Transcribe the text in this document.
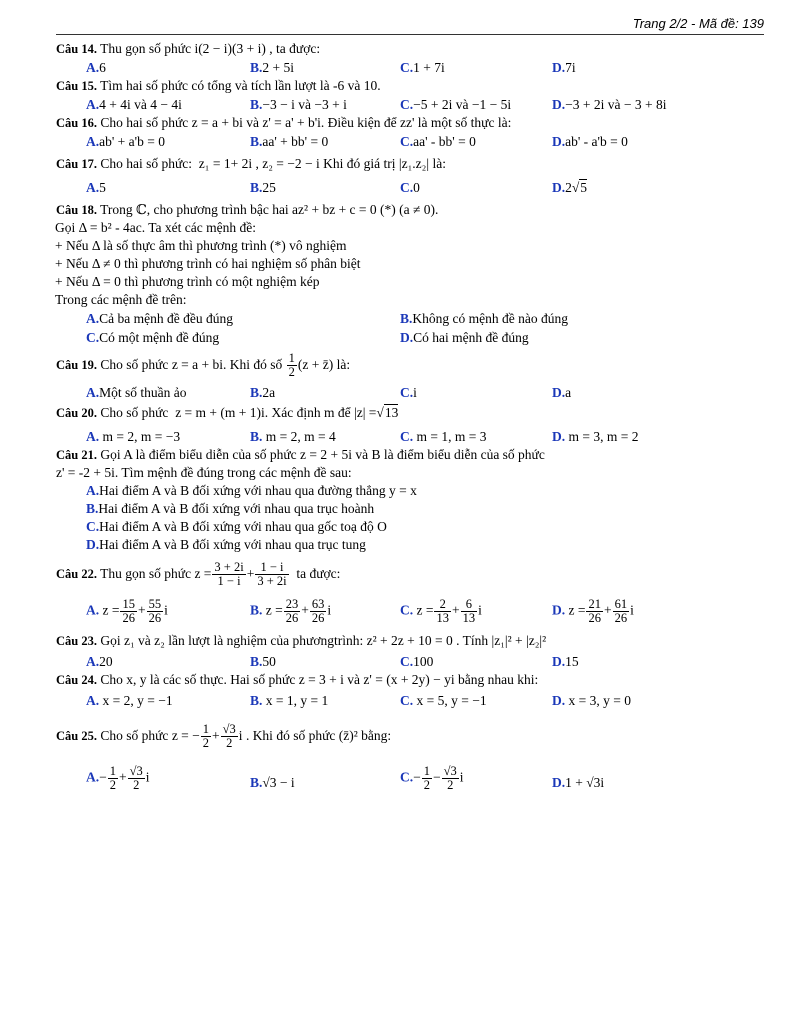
Trang 2/2 - Mã đề: 139
Câu 14. Thu gọn số phức i(2 − i)(3 + i) , ta được:
A.6	B.2 + 5i	C.1 + 7i	D.7i
Câu 15. Tìm hai số phức có tổng và tích lần lượt là -6 và 10.
A.4 + 4i và 4 − 4i	B.−3 − i và −3 + i	C.−5 + 2i và −1 − 5i	D.−3 + 2i và − 3 + 8i
Câu 16. Cho hai số phức z = a + bi và z' = a' + b'i. Điều kiện để zz' là một số thực là:
A.ab' + a'b = 0	B.aa' + bb' = 0	C.aa' - bb' = 0	D.ab' - a'b = 0
Câu 17. Cho hai số phức: z₁ = 1+ 2i , z₂ = −2 − i Khi đó giá trị |z₁.z₂| là:
A.5	B.25	C.0	D.2√5
Câu 18. Trong ℂ, cho phương trình bậc hai az² + bz + c = 0 (*) (a ≠ 0).
Gọi Δ = b² - 4ac. Ta xét các mệnh đề:
+ Nếu Δ là số thực âm thì phương trình (*) vô nghiệm
+ Nếu Δ ≠ 0 thì phương trình có hai nghiệm số phân biệt
+ Nếu Δ = 0 thì phương trình có một nghiệm kép
Trong các mệnh đề trên:
A.Cả ba mệnh đề đều đúng	B.Không có mệnh đề nào đúng
C.Có một mệnh đề đúng	D.Có hai mệnh đề đúng
Câu 19. Cho số phức z = a + bi. Khi đó số $\frac{1}{2} (z$ + z̄) là:
A.Một số thuần ảo	B.2a	C.i	D.a
Câu 20. Cho số phức z = m + (m + 1)i. Xác định m để |z| =√13
A. m = 2, m = −3	B. m = 2, m = 4	C. m = 1, m = 3	D. m = 3, m = 2
Câu 21. Gọi A là điểm biểu diễn của số phức z = 2 + 5i và B là điểm biểu diễn của số phức
z' = -2 + 5i. Tìm mệnh đề đúng trong các mệnh đề sau:
A.Hai điểm A và B đối xứng với nhau qua đường thẳng y = x
B.Hai điểm A và B đối xứng với nhau qua trục hoành
C.Hai điểm A và B đối xứng với nhau qua gốc toạ độ O
D.Hai điểm A và B đối xứng với nhau qua trục tung
Câu 22. Thu gọn số phức $z = \frac{3 + 2i}{1 - i} + \frac{1 - i}{3 + 2i}$ ta được:
A. $z = \frac{15}{26} + \frac{55}{26}$ i	B. $z = \frac{23}{26} + \frac{63}{26}$ i	C. $z = \frac{2}{13} + \frac{6}{13}$ i	D. $z = \frac{21}{26} + \frac{61}{26}$ i
Câu 23. Gọi z₁ và z₂ lần lượt là nghiệm của phươngtrình: z² + 2z + 10 = 0 . Tính |z₁|² + |z₂|²
A.20	B.50	C.100	D.15
Câu 24. Cho x, y là các số thực. Hai số phức z = 3 + i và z' = (x + 2y) − yi bằng nhau khi:
A. x = 2, y = −1	B. x = 1, y = 1	C. x = 5, y = −1	D. x = 3, y = 0
Câu 25. Cho số phức z = − $\frac{1}{2} + \frac{√3}{2}$ i . Khi đó số phức (z̄)² bằng:
$A.- \frac{1}{2} + \frac{√3}{2}$ i	B.√3 − i	$C.- \frac{1}{2} - \frac{√3}{2}$ i	D.1 + √3i
